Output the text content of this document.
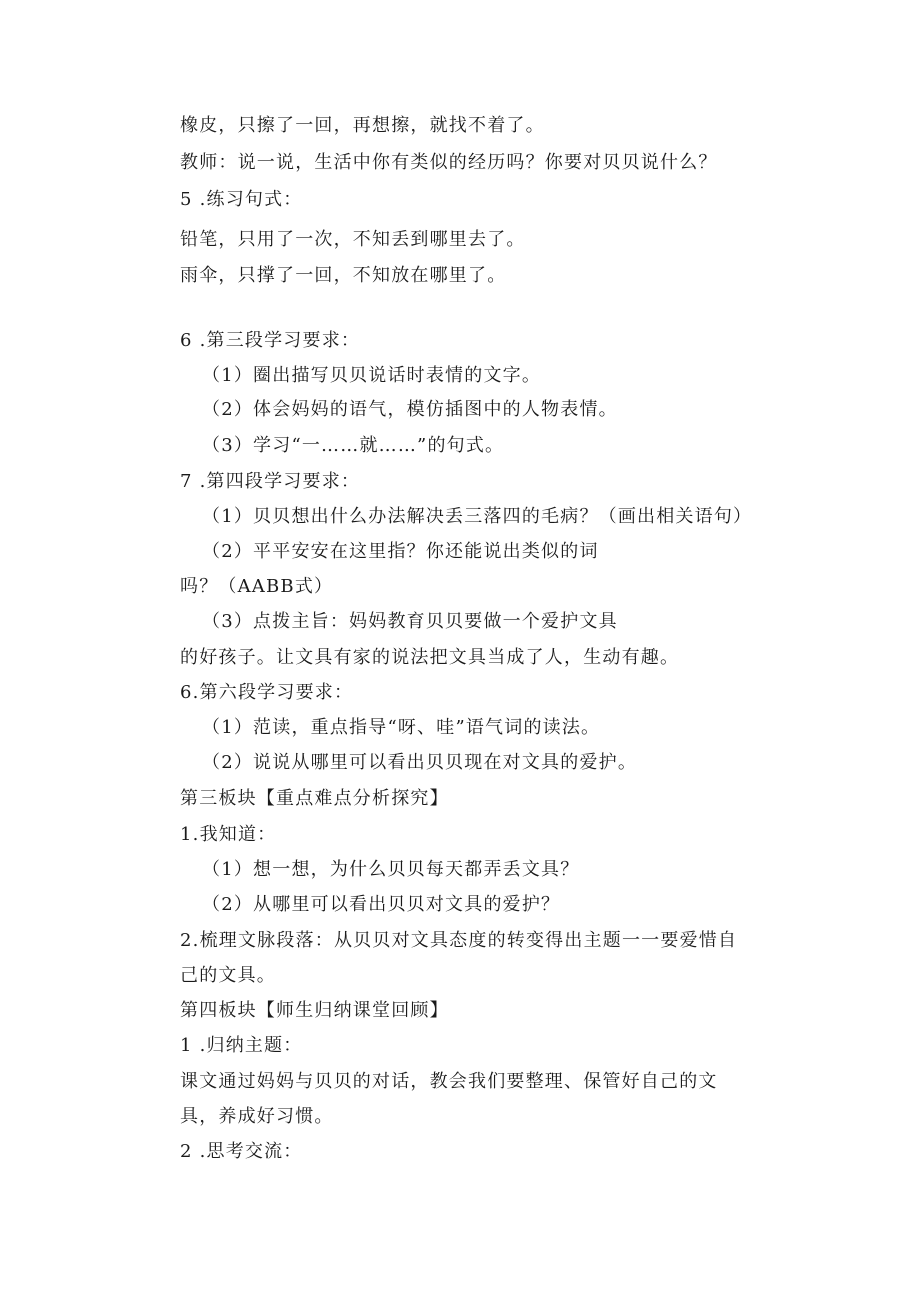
橡皮，只擦了一回，再想擦，就找不着了。
教师：说一说，生活中你有类似的经历吗？你要对贝贝说什么？
5 .练习句式：
铅笔，只用了一次，不知丢到哪里去了。
雨伞，只撑了一回，不知放在哪里了。
6 .第三段学习要求：
（1）圈出描写贝贝说话时表情的文字。
（2）体会妈妈的语气，模仿插图中的人物表情。
（3）学习“一……就……”的句式。
7 .第四段学习要求：
（1）贝贝想出什么办法解决丢三落四的毛病？（画出相关语句）
（2）平平安安在这里指？你还能说出类似的词
吗？（AABB式）
（3）点拨主旨：妈妈教育贝贝要做一个爱护文具
的好孩子。让文具有家的说法把文具当成了人，生动有趣。
6.第六段学习要求：
（1）范读，重点指导“呀、哇”语气词的读法。
（2）说说从哪里可以看出贝贝现在对文具的爱护。
第三板块【重点难点分析探究】
1.我知道：
（1）想一想，为什么贝贝每天都弄丢文具？
（2）从哪里可以看出贝贝对文具的爱护？
2.梳理文脉段落：从贝贝对文具态度的转变得出主题一一要爱惜自
己的文具。
第四板块【师生归纳课堂回顾】
1 .归纳主题：
课文通过妈妈与贝贝的对话，教会我们要整理、保管好自己的文
具，养成好习惯。
2 .思考交流：
